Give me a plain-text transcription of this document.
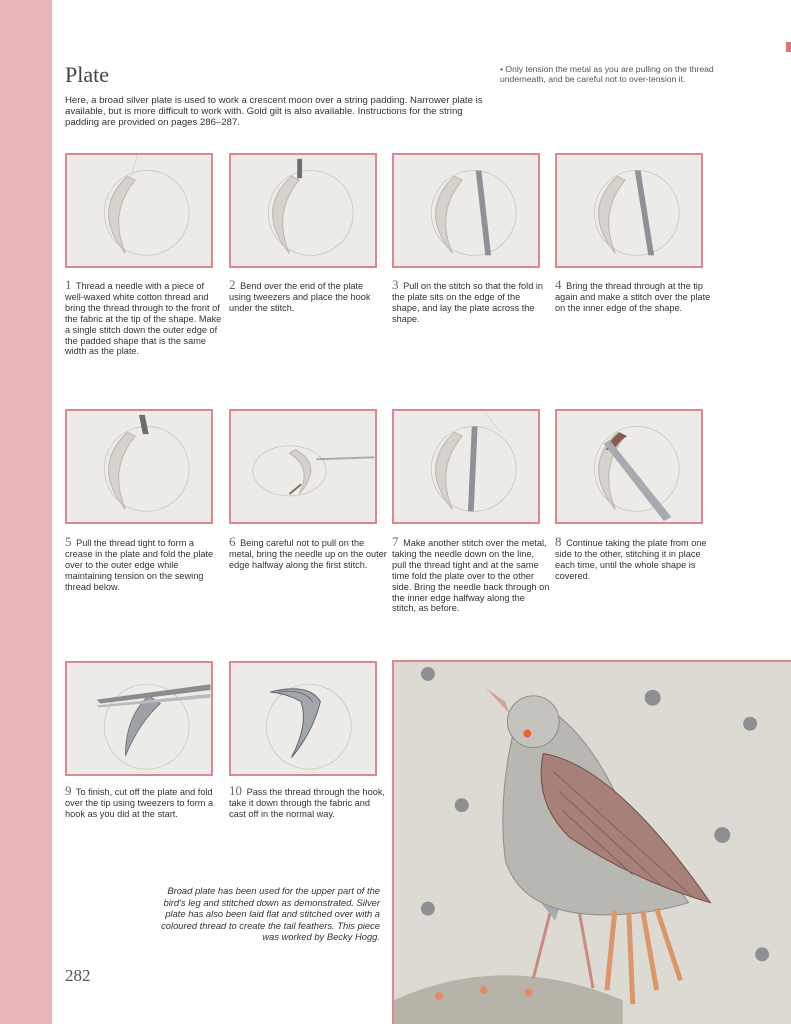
Plate

Here, a broad silver plate is used to work a crescent moon over a string padding. Narrower plate is available, but is more difficult to work with. Gold gilt is also available. Instructions for the string padding are provided on pages 286–287.

• Only tension the metal as you are pulling on the thread underneath, and be careful not to over-tension it.

1 Thread a needle with a piece of well-waxed white cotton thread and bring the thread through to the front of the fabric at the tip of the shape. Make a single stitch down the outer edge of the padded shape that is the same width as the plate.

2 Bend over the end of the plate using tweezers and place the hook under the stitch.

3 Pull on the stitch so that the fold in the plate sits on the edge of the shape, and lay the plate across the shape.

4 Bring the thread through at the tip again and make a stitch over the plate on the inner edge of the shape.

5 Pull the thread tight to form a crease in the plate and fold the plate over to the outer edge while maintaining tension on the sewing thread below.

6 Being careful not to pull on the metal, bring the needle up on the outer edge halfway along the first stitch.

7 Make another stitch over the metal, taking the needle down on the line, pull the thread tight and at the same time fold the plate over to the other side. Bring the needle back through on the inner edge halfway along the stitch, as before.

8 Continue taking the plate from one side to the other, stitching it in place each time, until the whole shape is covered.

9 To finish, cut off the plate and fold over the tip using tweezers to form a hook as you did at the start.

10 Pass the thread through the hook, take it down through the fabric and cast off in the normal way.

Broad plate has been used for the upper part of the bird's leg and stitched down as demonstrated. Silver plate has also been laid flat and stitched over with a coloured thread to create the tail feathers. This piece was worked by Becky Hogg.

282
